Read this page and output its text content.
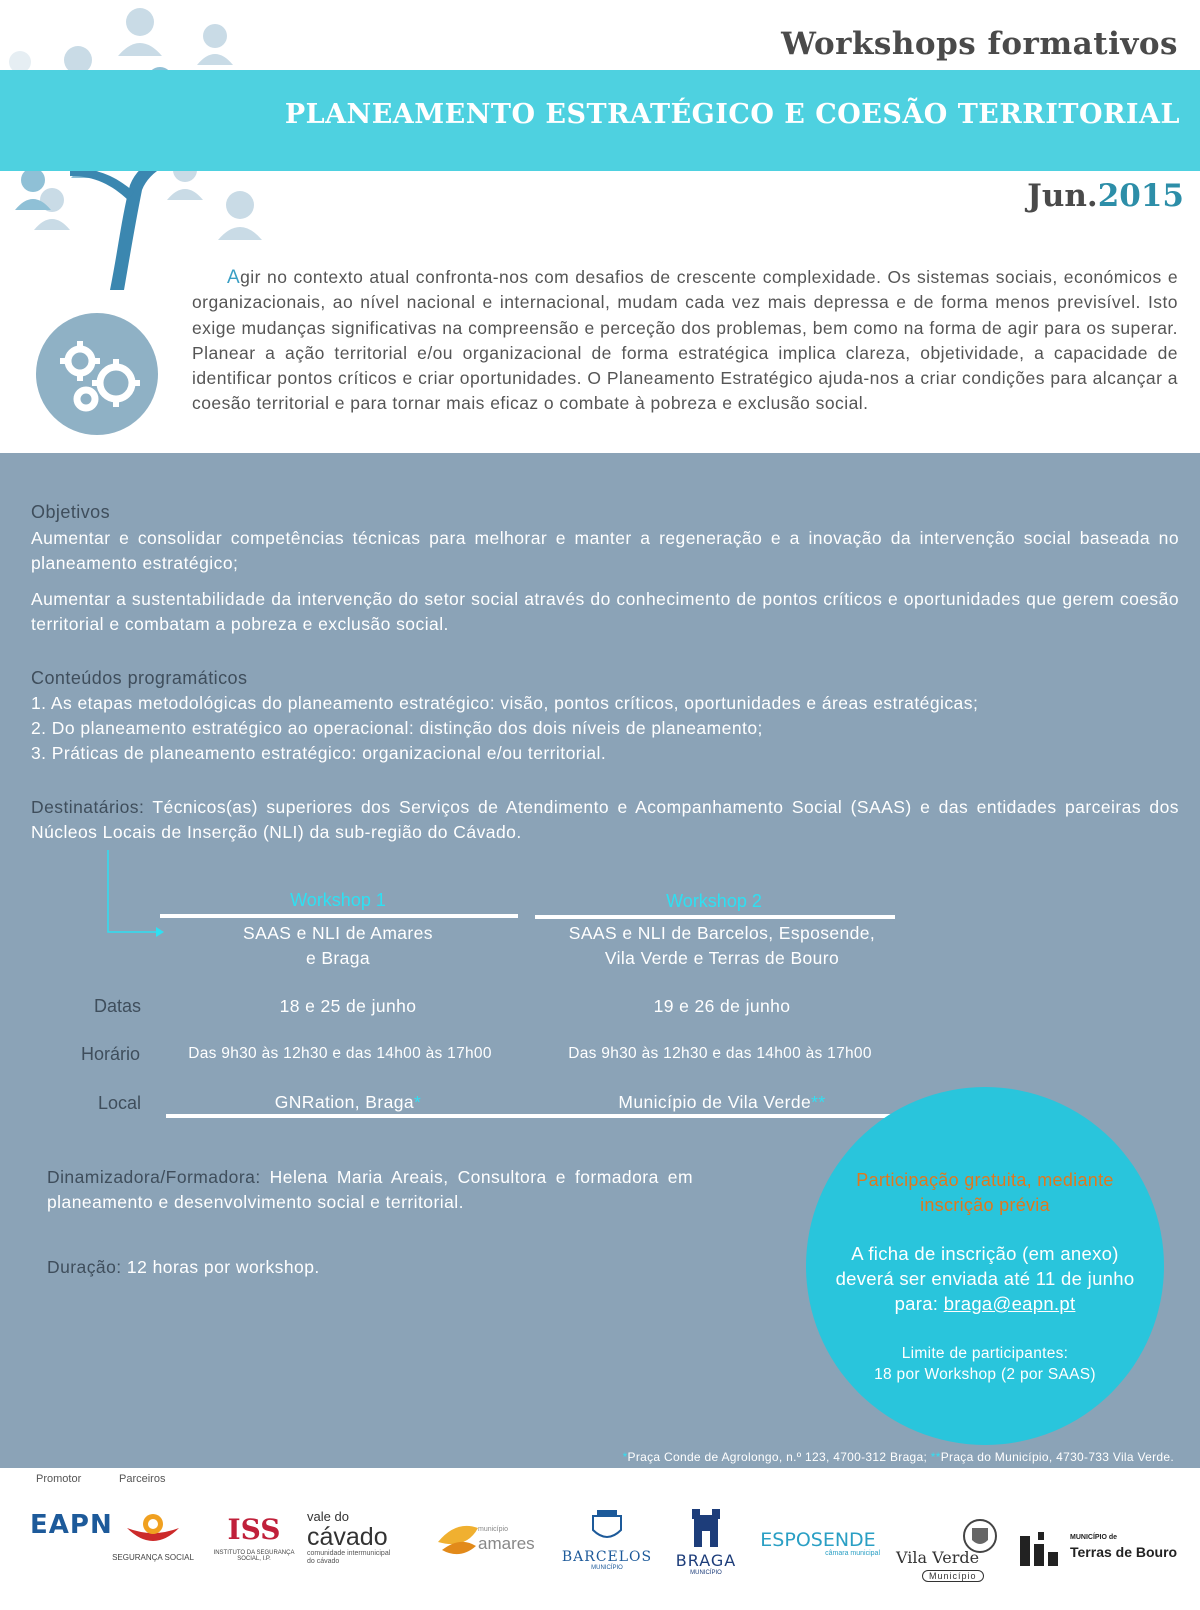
Workshops formativos
PLANEAMENTO ESTRATÉGICO E COESÃO TERRITORIAL
Jun.2015
Agir no contexto atual confronta-nos com desafios de crescente complexidade. Os sistemas sociais, económicos e organizacionais, ao nível nacional e internacional, mudam cada vez mais depressa e de forma menos previsível. Isto exige mudanças significativas na compreensão e perceção dos problemas, bem como na forma de agir para os superar. Planear a ação territorial e/ou organizacional de forma estratégica implica clareza, objetividade, a capacidade de identificar pontos críticos e criar oportunidades. O Planeamento Estratégico ajuda-nos a criar condições para alcançar a coesão territorial e para tornar mais eficaz o combate à pobreza e exclusão social.
Objetivos
Aumentar e consolidar competências técnicas para melhorar e manter a regeneração e a inovação da intervenção social baseada no planeamento estratégico;
Aumentar a sustentabilidade da intervenção do setor social através do conhecimento de pontos críticos e oportunidades que gerem coesão territorial e combatam a pobreza e exclusão social.
Conteúdos programáticos
1. As etapas metodológicas do planeamento estratégico: visão, pontos críticos, oportunidades e áreas estratégicas;
2. Do planeamento estratégico ao operacional: distinção dos dois níveis de planeamento;
3. Práticas de planeamento estratégico: organizacional e/ou territorial.
Destinatários: Técnicos(as) superiores dos Serviços de Atendimento e Acompanhamento Social (SAAS) e das entidades parceiras dos Núcleos Locais de Inserção (NLI) da sub-região do Cávado.
Workshop 1
SAAS e NLI de Amares
e Braga
Workshop 2
SAAS e NLI de Barcelos, Esposende,
Vila Verde e Terras de Bouro
Datas	18 e 25 de junho	19 e 26 de junho
Horário	Das 9h30 às 12h30 e das 14h00 às 17h00	Das 9h30 às 12h30 e das 14h00 às 17h00
Local	GNRation, Braga*	Município de Vila Verde**
Dinamizadora/Formadora: Helena Maria Areais, Consultora e formadora em planeamento e desenvolvimento social e territorial.
Duração: 12 horas por workshop.
Participação gratuita, mediante
inscrição prévia
A ficha de inscrição (em anexo)
deverá ser enviada até 11 de junho
para: braga@eapn.pt
Limite de participantes:
18 por Workshop (2 por SAAS)
*Praça Conde de Agrolongo, n.º 123, 4700-312 Braga; **Praça do Município, 4730-733 Vila Verde.
Promotor	Parceiros
EAPN
SEGURANÇA SOCIAL
ISS
INSTITUTO DA SEGURANÇA SOCIAL, I.P.
vale do
cávado
comunidade intermunicipal do cávado
município
amares
BARCELOS
MUNICÍPIO	BRAGA
MUNICÍPIO
ESPOSENDE
câmara municipal Vila Verde
Município
MUNICÍPIO de
Terras de Bouro
